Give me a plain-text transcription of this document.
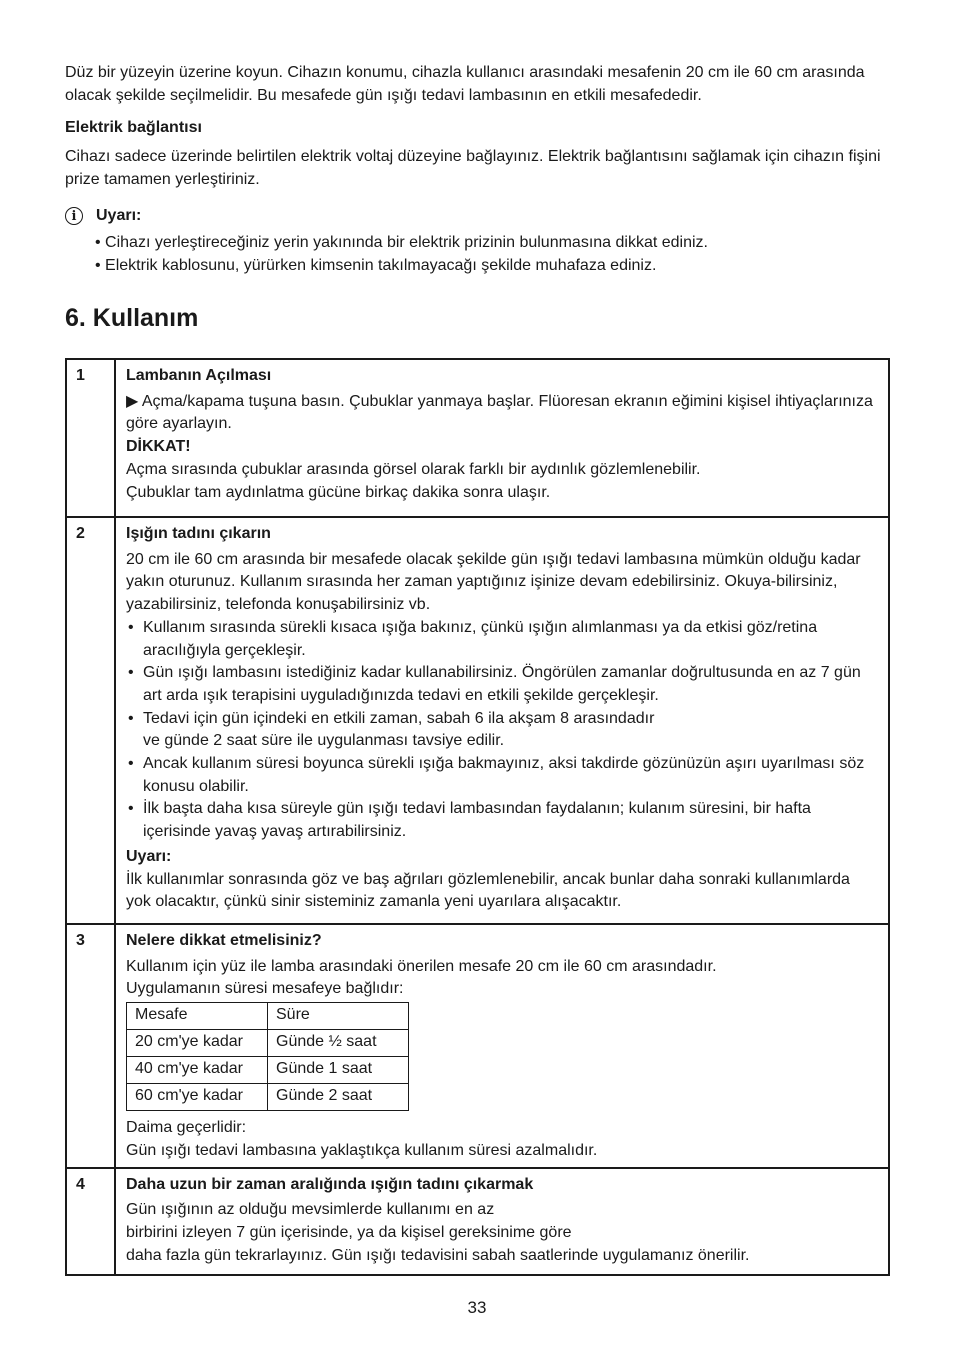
Düz bir yüzeyin üzerine koyun. Cihazın konumu, cihazla kullanıcı arasındaki mesafenin 20 cm ile 60 cm arasında olacak şekilde seçilmelidir. Bu mesafede gün ışığı tedavi lambasının en etkili mesafededir.

Elektrik bağlantısı

Cihazı sadece üzerinde belirtilen elektrik voltaj düzeyine bağlayınız. Elektrik bağlantısını sağlamak için cihazın fişini prize tamamen yerleştiriniz.

i	Uyarı:
• Cihazı yerleştireceğiniz yerin yakınında bir elektrik prizinin bulunmasına dikkat ediniz.
• Elektrik kablosunu, yürürken kimsenin takılmayacağı şekilde muhafaza ediniz.
6. Kullanım
1	Lambanın Açılması

▶ Açma/kapama tuşuna basın. Çubuklar yanmaya başlar. Flüoresan ekranın eğimini kişisel ihtiyaçlarınıza göre ayarlayın.

DİKKAT!

Açma sırasında çubuklar arasında görsel olarak farklı bir aydınlık gözlemlenebilir.

Çubuklar tam aydınlatma gücüne birkaç dakika sonra ulaşır.

2	Işığın tadını çıkarın

20 cm ile 60 cm arasında bir mesafede olacak şekilde gün ışığı tedavi lambasına mümkün olduğu kadar yakın oturunuz. Kullanım sırasında her zaman yaptığınız işinize devam edebilirsiniz. Okuya-bilirsiniz, yazabilirsiniz, telefonda konuşabilirsiniz vb.

• Kullanım sırasında sürekli kısaca ışığa bakınız, çünkü ışığın alımlanması ya da etkisi göz/retina aracılığıyla gerçekleşir.
• Gün ışığı lambasını istediğiniz kadar kullanabilirsiniz. Öngörülen zamanlar doğrultusunda en az 7 gün art arda ışık terapisini uyguladığınızda tedavi en etkili şekilde gerçekleşir.
• Tedavi için gün içindeki en etkili zaman, sabah 6 ila akşam 8 arasındadır
ve günde 2 saat süre ile uygulanması tavsiye edilir.
• Ancak kullanım süresi boyunca sürekli ışığa bakmayınız, aksi takdirde gözünüzün aşırı uyarılması söz konusu olabilir.
• İlk başta daha kısa süreyle gün ışığı tedavi lambasından faydalanın; kulanım süresini, bir hafta içerisinde yavaş yavaş artırabilirsiniz.

Uyarı:

İlk kullanımlar sonrasında göz ve baş ağrıları gözlemlenebilir, ancak bunlar daha sonraki kullanımlarda yok olacaktır, çünkü sinir sisteminiz zamanla yeni uyarılara alışacaktır.

3	Nelere dikkat etmelisiniz?

Kullanım için yüz ile lamba arasındaki önerilen mesafe 20 cm ile 60 cm arasındadır.

Uygulamanın süresi mesafeye bağlıdır:

Mesafe	Süre
20 cm'ye kadar	Günde ½ saat
40 cm'ye kadar	Günde 1 saat
60 cm'ye kadar	Günde 2 saat

Daima geçerlidir:

Gün ışığı tedavi lambasına yaklaştıkça kullanım süresi azalmalıdır.

4	Daha uzun bir zaman aralığında ışığın tadını çıkarmak

Gün ışığının az olduğu mevsimlerde kullanımı en az

birbirini izleyen 7 gün içerisinde, ya da kişisel gereksinime göre

daha fazla gün tekrarlayınız. Gün ışığı tedavisini sabah saatlerinde uygulamanız önerilir.

33
